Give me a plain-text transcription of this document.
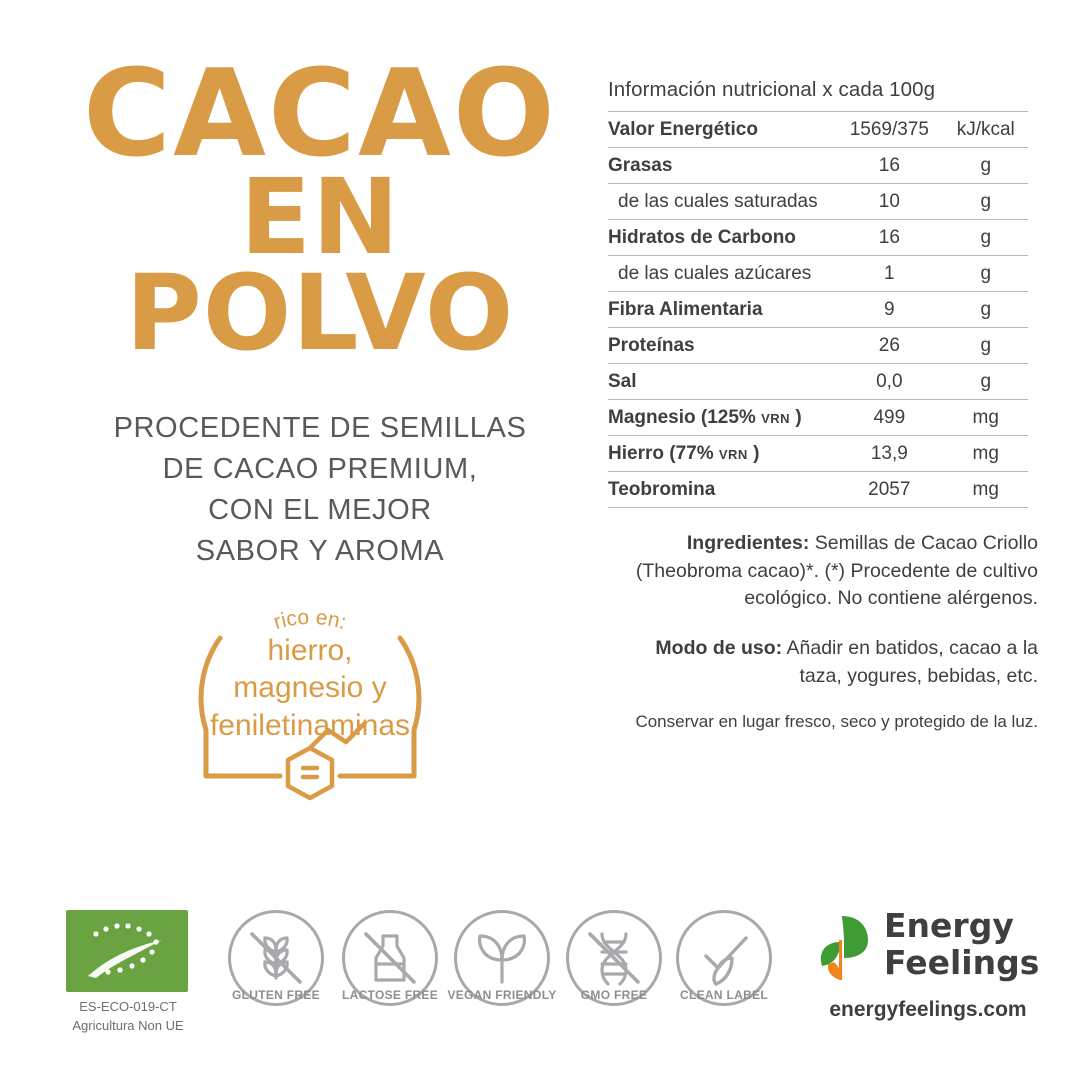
CACAO
EN POLVO
PROCEDENTE DE SEMILLAS
DE CACAO PREMIUM,
CON EL MEJOR
SABOR Y AROMA
rico en:
hierro,
magnesio y
feniletinaminas
Información nutricional x cada 100g
Valor Energético	1569/375	kJ/kcal
Grasas	16	g
de las cuales saturadas	10	g
Hidratos de Carbono	16	g
de las cuales azúcares	1	g
Fibra Alimentaria	9	g
Proteínas	26	g
Sal	0,0	g
Magnesio (125% VRN )	499	mg
Hierro (77% VRN )	13,9	mg
Teobromina	2057	mg

Ingredientes: Semillas de Cacao Criollo (Theobroma cacao)*. (*) Procedente de cultivo ecológico. No contiene alérgenos.

Modo de uso: Añadir en batidos, cacao a la taza, yogures, bebidas, etc.

Conservar en lugar fresco, seco y protegido de la luz.

ES-ECO-019-CT
Agricultura Non UE
GLUTEN FREE	LACTOSE FREE VEGAN FRIENDLY	GMO FREE	CLEAN LABEL
Energy
Feelings
energyfeelings.com
